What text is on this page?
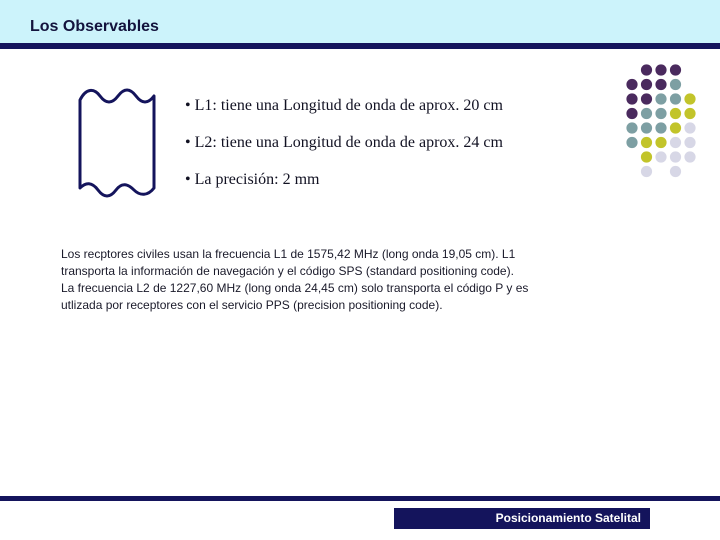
Los Observables
• L1: tiene una Longitud de onda de aprox. 20 cm
• L2: tiene una Longitud de onda de aprox. 24 cm
• La precisión: 2 mm

Los recptores civiles usan la frecuencia L1 de 1575,42 MHz (long onda 19,05 cm). L1

transporta la información de navegación y el código SPS (standard positioning code).

La frecuencia L2 de 1227,60 MHz (long onda 24,45 cm) solo transporta el código P y es

utlizada por receptores con el servicio PPS (precision positioning code).

Posicionamiento Satelital
